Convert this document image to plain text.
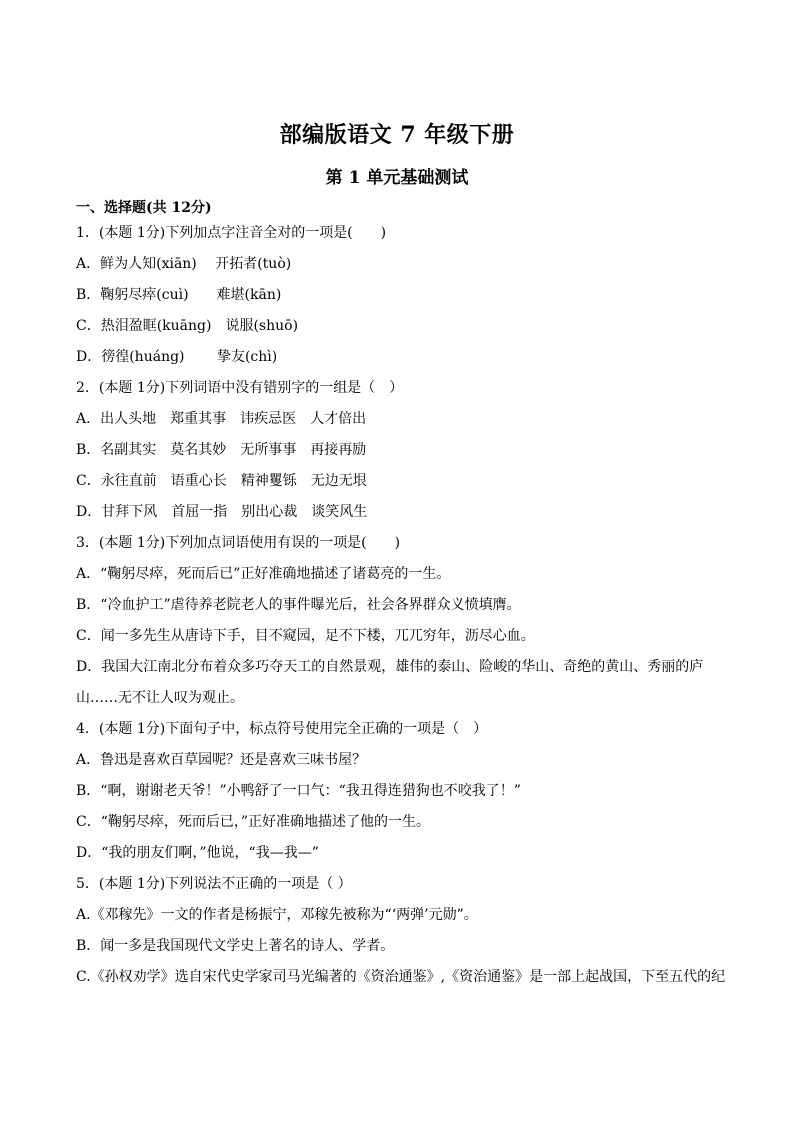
部编版语文 7 年级下册
第 1 单元基础测试
一、选择题(共 12分)
1．(本题 1分)下列加点字注音全对的一项是(　　)
A．鲜为人知(xiān)　 开拓者(tuò)
B．鞠躬尽瘁(cuì)　　难堪(kān)
C．热泪盈眶(kuāng)　说服(shuō)
D．徬徨(huáng)　　 挚友(chì)
2．(本题 1分)下列词语中没有错别字的一组是（　）
A．出人头地　郑重其事　讳疾忌医　人才倍出
B．名副其实　莫名其妙　无所事事　再接再励
C．永往直前　语重心长　精神矍铄　无边无垠
D．甘拜下风　首屈一指　别出心裁　谈笑风生
3．(本题 1分)下列加点词语使用有误的一项是(　　)
A．“鞠躬尽瘁，死而后已”正好准确地描述了诸葛亮的一生。
B．“冷血护工”虐待养老院老人的事件曝光后，社会各界群众义愤填膺。
C．闻一多先生从唐诗下手，目不窥园，足不下楼，兀兀穷年，沥尽心血。
D．我国大江南北分布着众多巧夺天工的自然景观，雄伟的泰山、险峻的华山、奇绝的黄山、秀丽的庐
山……无不让人叹为观止。
4．(本题 1分)下面句子中，标点符号使用完全正确的一项是（　）
A．鲁迅是喜欢百草园呢？还是喜欢三味书屋？
B．“啊，谢谢老天爷！”小鸭舒了一口气：“我丑得连猎狗也不咬我了！”
C．“鞠躬尽瘁，死而后已，”正好准确地描述了他的一生。
D．“我的朋友们啊，”他说，“我—我—”
5．(本题 1分)下列说法不正确的一项是（ ）
A.《邓稼先》一文的作者是杨振宁，邓稼先被称为“‘两弹’元勋”。
B．闻一多是我国现代文学史上著名的诗人、学者。
C.《孙权劝学》选自宋代史学家司马光编著的《资治通鉴》,《资治通鉴》是一部上起战国，下至五代的纪
